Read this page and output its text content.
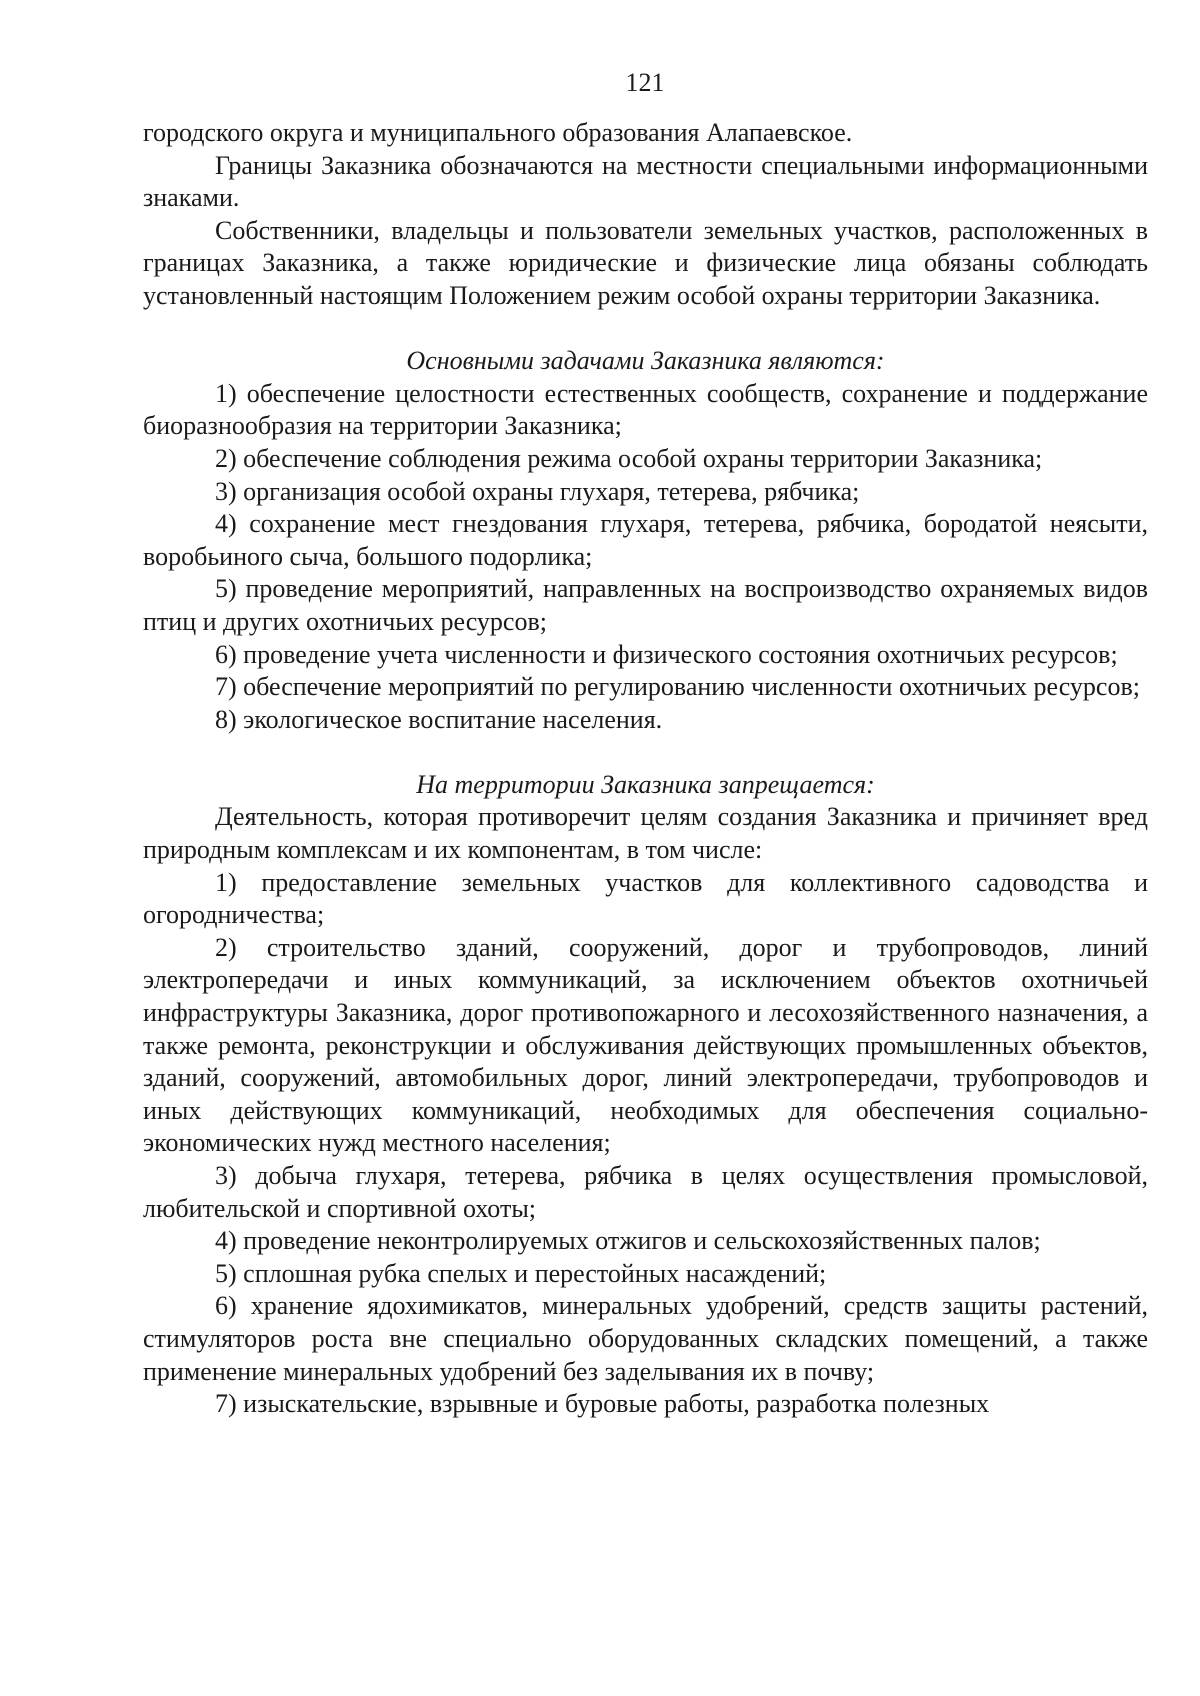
121

городского округа и муниципального образования Алапаевское.

Границы Заказника обозначаются на местности специальными информационными знаками.

Собственники, владельцы и пользователи земельных участков, расположенных в границах Заказника, а также юридические и физические лица обязаны соблюдать установленный настоящим Положением режим особой охраны территории Заказника.

Основными задачами Заказника являются:

1) обеспечение целостности естественных сообществ, сохранение и поддержание биоразнообразия на территории Заказника;

2) обеспечение соблюдения режима особой охраны территории Заказника;

3) организация особой охраны глухаря, тетерева, рябчика;

4) сохранение мест гнездования глухаря, тетерева, рябчика, бородатой неясыти, воробьиного сыча, большого подорлика;

5) проведение мероприятий, направленных на воспроизводство охраняемых видов птиц и других охотничьих ресурсов;

6) проведение учета численности и физического состояния охотничьих ресурсов;

7) обеспечение мероприятий по регулированию численности охотничьих ресурсов;

8) экологическое воспитание населения.

На территории Заказника запрещается:

Деятельность, которая противоречит целям создания Заказника и причиняет вред природным комплексам и их компонентам, в том числе:

1) предоставление земельных участков для коллективного садоводства и огородничества;

2) строительство зданий, сооружений, дорог и трубопроводов, линий электропередачи и иных коммуникаций, за исключением объектов охотничьей инфраструктуры Заказника, дорог противопожарного и лесохозяйственного назначения, а также ремонта, реконструкции и обслуживания действующих промышленных объектов, зданий, сооружений, автомобильных дорог, линий электропередачи, трубопроводов и иных действующих коммуникаций, необходимых для обеспечения социально-экономических нужд местного населения;

3) добыча глухаря, тетерева, рябчика в целях осуществления промысловой, любительской и спортивной охоты;

4) проведение неконтролируемых отжигов и сельскохозяйственных палов;

5) сплошная рубка спелых и перестойных насаждений;

6) хранение ядохимикатов, минеральных удобрений, средств защиты растений, стимуляторов роста вне специально оборудованных складских помещений, а также применение минеральных удобрений без заделывания их в почву;

7) изыскательские, взрывные и буровые работы, разработка полезных
